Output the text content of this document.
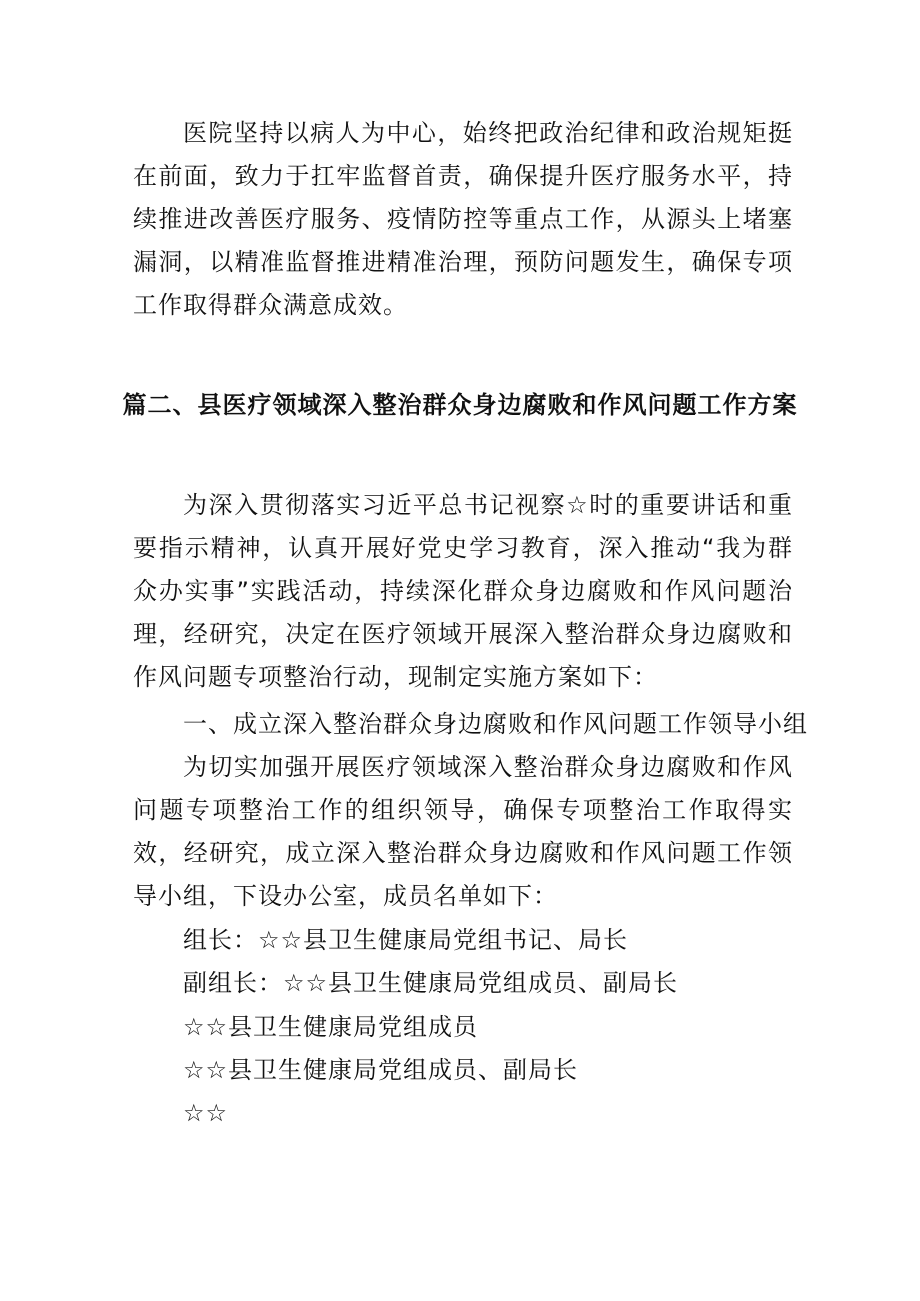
医院坚持以病人为中心，始终把政治纪律和政治规矩挺在前面，致力于扛牢监督首责，确保提升医疗服务水平，持续推进改善医疗服务、疫情防控等重点工作，从源头上堵塞漏洞，以精准监督推进精准治理，预防问题发生，确保专项工作取得群众满意成效。

篇二、县医疗领域深入整治群众身边腐败和作风问题工作方案

为深入贯彻落实习近平总书记视察☆时的重要讲话和重要指示精神，认真开展好党史学习教育，深入推动“我为群众办实事”实践活动，持续深化群众身边腐败和作风问题治理，经研究，决定在医疗领域开展深入整治群众身边腐败和作风问题专项整治行动，现制定实施方案如下：

一、成立深入整治群众身边腐败和作风问题工作领导小组

为切实加强开展医疗领域深入整治群众身边腐败和作风问题专项整治工作的组织领导，确保专项整治工作取得实效，经研究，成立深入整治群众身边腐败和作风问题工作领导小组，下设办公室，成员名单如下：

组长：☆☆县卫生健康局党组书记、局长

副组长：☆☆县卫生健康局党组成员、副局长

☆☆县卫生健康局党组成员

☆☆县卫生健康局党组成员、副局长

☆☆
